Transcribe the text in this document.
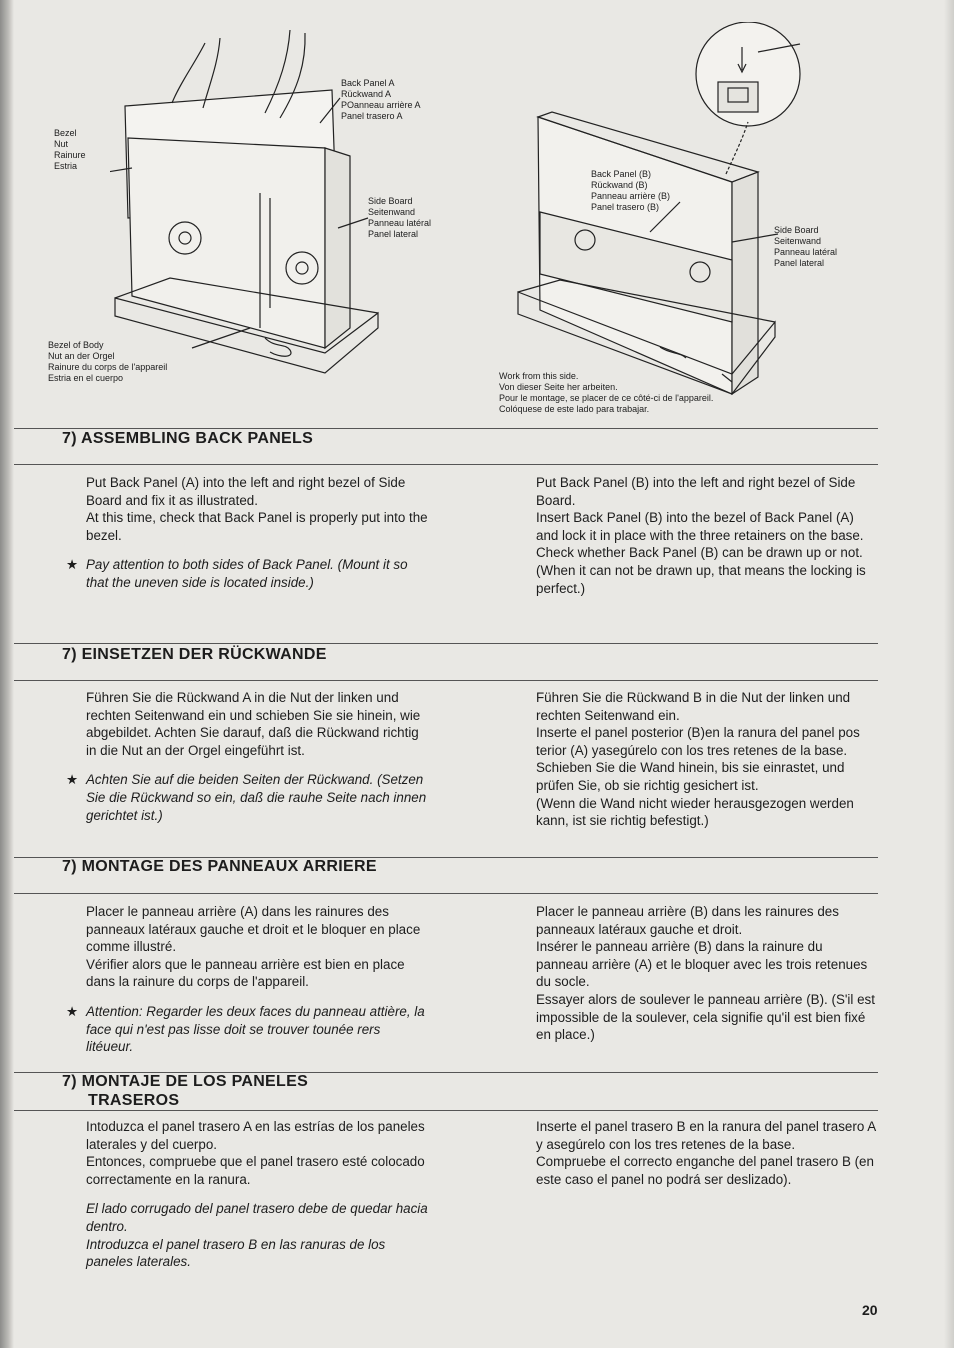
Back Panel A
Rückwand A
POanneau arrière A
Panel trasero A
Bezel
Nut
Rainure
Estria
Side Board
Seitenwand
Panneau latéral
Panel lateral
Bezel of Body
Nut an der Orgel
Rainure du corps de l'appareil
Estria en el cuerpo
Back Panel (B)
Rückwand (B)
Panneau arrière (B)
Panel trasero (B)
Side Board
Seitenwand
Panneau latéral
Panel lateral
Work from this side.
Von dieser Seite her arbeiten.
Pour le montage, se placer de ce côté-ci de l'appareil.
Colóquese de este lado para trabajar.
7) ASSEMBLING BACK PANELS

Put Back Panel (A) into the left and right bezel of Side Board and fix it as illustrated.

At this time, check that Back Panel is properly put into the bezel.

★ Pay attention to both sides of Back Panel. (Mount it so that the uneven side is located inside.)

Put Back Panel (B) into the left and right bezel of Side Board.

Insert Back Panel (B) into the bezel of Back Panel (A) and lock it in place with the three retainers on the base.

Check whether Back Panel (B) can be drawn up or not.

(When it can not be drawn up, that means the locking is perfect.)

7) EINSETZEN DER RÜCKWANDE

Führen Sie die Rückwand A in die Nut der linken und rechten Seitenwand ein und schieben Sie sie hinein, wie abgebildet. Achten Sie darauf, daß die Rückwand richtig in die Nut an der Orgel eingeführt ist.

★ Achten Sie auf die beiden Seiten der Rückwand. (Setzen Sie die Rückwand so ein, daß die rauhe Seite nach innen gerichtet ist.)

Führen Sie die Rückwand B in die Nut der linken und rechten Seitenwand ein.

Inserte el panel posterior (B)en la ranura del panel pos terior (A) yasegúrelo con los tres retenes de la base.

Schieben Sie die Wand hinein, bis sie einrastet, und prüfen Sie, ob sie richtig gesichert ist.

(Wenn die Wand nicht wieder herausgezogen werden kann, ist sie richtig befestigt.)

7) MONTAGE DES PANNEAUX ARRIERE

Placer le panneau arrière (A) dans les rainures des panneaux latéraux gauche et droit et le bloquer en place comme illustré.

Vérifier alors que le panneau arrière est bien en place dans la rainure du corps de l'appareil.

★ Attention: Regarder les deux faces du panneau attière, la face qui n'est pas lisse doit se trouver tounée rers litéueur.

Placer le panneau arrière (B) dans les rainures des panneaux latéraux gauche et droit.

Insérer le panneau arrière (B) dans la rainure du panneau arrière (A) et le bloquer avec les trois retenues du socle.

Essayer alors de soulever le panneau arrière (B). (S'il est impossible de la soulever, cela signifie qu'il est bien fixé en place.)

7) MONTAJE DE LOS PANELES
TRASEROS

Intoduzca el panel trasero A en las estrías de los paneles laterales y del cuerpo.

Entonces, compruebe que el panel trasero esté colocado correctamente en la ranura.

El lado corrugado del panel trasero debe de quedar hacia dentro.

Introduzca el panel trasero B en las ranuras de los paneles laterales.

Inserte el panel trasero B en la ranura del panel trasero A y asegúrelo con los tres retenes de la base.

Compruebe el correcto enganche del panel trasero B (en este caso el panel no podrá ser deslizado).

20
